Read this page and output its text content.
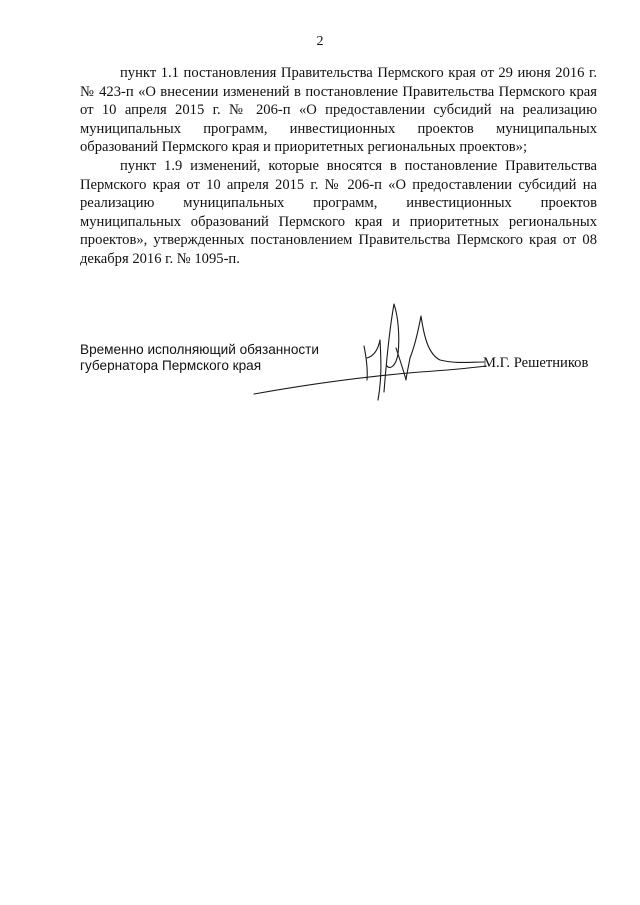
2

пункт 1.1 постановления Правительства Пермского края от 29 июня 2016 г. № 423-п «О внесении изменений в постановление Правительства Пермского края от 10 апреля 2015 г. № 206-п «О предоставлении субсидий на реализацию муниципальных программ, инвестиционных проектов муниципальных образований Пермского края и приоритетных региональных проектов»;

пункт 1.9 изменений, которые вносятся в постановление Правительства Пермского края от 10 апреля 2015 г. № 206-п «О предоставлении субсидий на реализацию муниципальных программ, инвестиционных проектов муниципальных образований Пермского края и приоритетных региональных проектов», утвержденных постановлением Правительства Пермского края от 08 декабря 2016 г. № 1095-п.

Временно исполняющий обязанности
губернатора Пермского края	М.Г. Решетников
